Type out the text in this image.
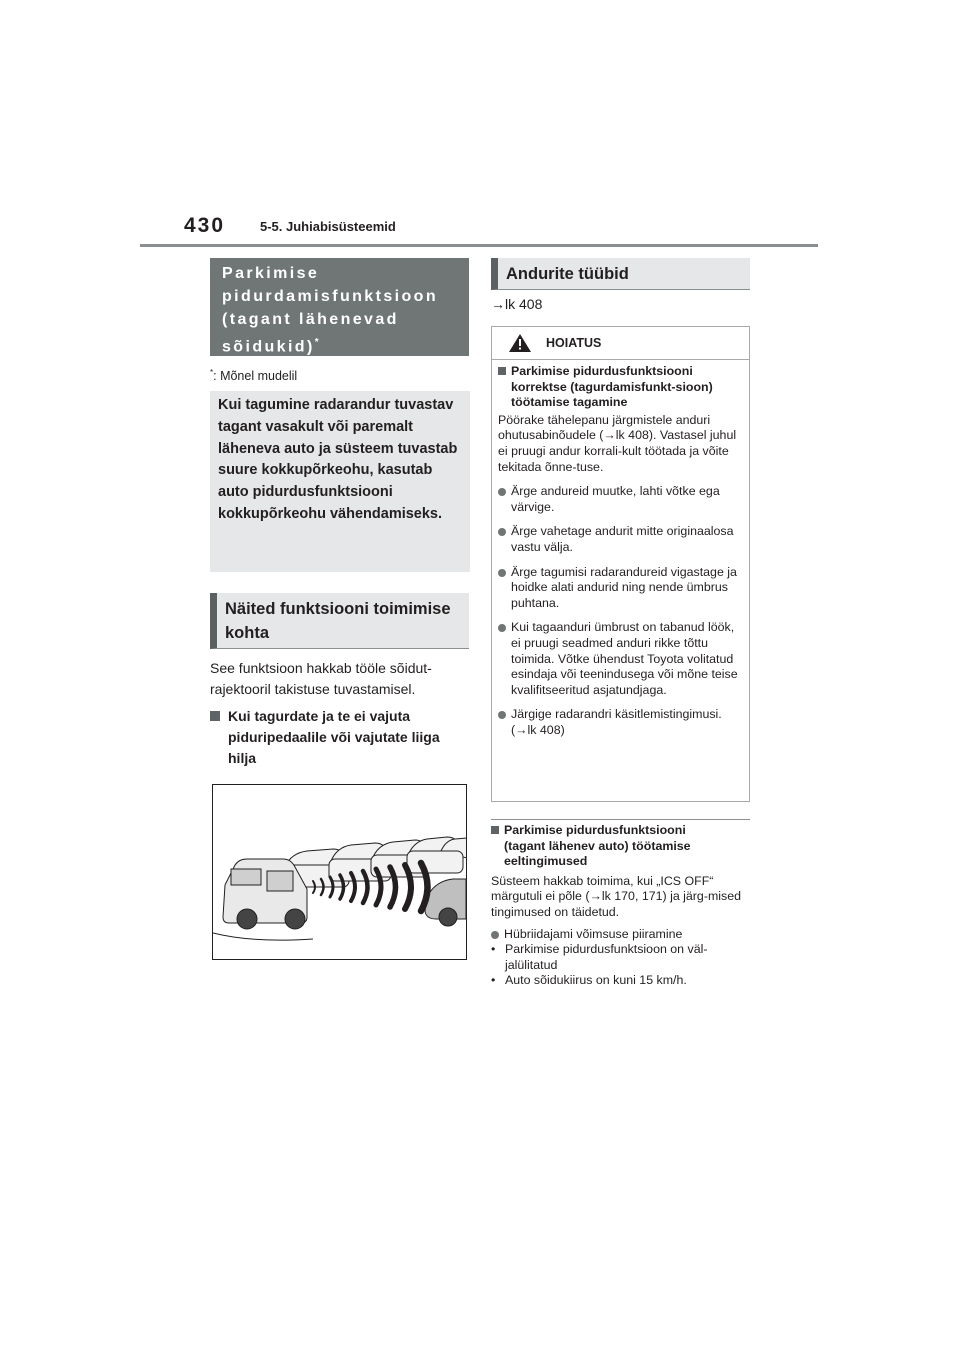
430	5-5. Juhiabisüsteemid
Parkimise pidurdamisfunktsioon (tagant lähenevad sõidukid)*
*: Mõnel mudelil
Kui tagumine radarandur tuvastav tagant vasakult või paremalt läheneva auto ja süsteem tuvastab suure kokkupõrkeohu, kasutab auto pidurdusfunktsiooni kokkupõrkeohu vähendamiseks.
Näited funktsiooni toimimise kohta
See funktsioon hakkab tööle sõidut-rajektooril takistuse tuvastamisel.
Kui tagurdate ja te ei vajuta piduripedaalile või vajutate liiga hilja
Andurite tüübid
→lk 408
HOIATUS
Parkimise pidurdusfunktsiooni korrektse (tagurdamisfunkt-sioon) töötamise tagamine
Pöörake tähelepanu järgmistele anduri ohutusabinõudele (→lk 408). Vastasel juhul ei pruugi andur korrali-kult töötada ja võite tekitada õnne-tuse.
Ärge andureid muutke, lahti võtke ega värvige.
Ärge vahetage andurit mitte originaalosa vastu välja.
Ärge tagumisi radarandureid vigastage ja hoidke alati andurid ning nende ümbrus puhtana.
Kui tagaanduri ümbrust on tabanud löök, ei pruugi seadmed anduri rikke tõttu toimida. Võtke ühendust Toyota volitatud esindaja või teenindusega või mõne teise kvalifitseeritud asjatundjaga.
Järgige radarandri käsitlemistingimusi. (→lk 408)
Parkimise pidurdusfunktsiooni (tagant lähenev auto) töötamise eeltingimused
Süsteem hakkab toimima, kui „ICS OFF“ märgutuli ei põle (→lk 170, 171) ja järg-mised tingimused on täidetud.
Hübriidajami võimsuse piiramine
• Parkimise pidurdusfunktsioon on väl-jalülitatud
• Auto sõidukiirus on kuni 15 km/h.
